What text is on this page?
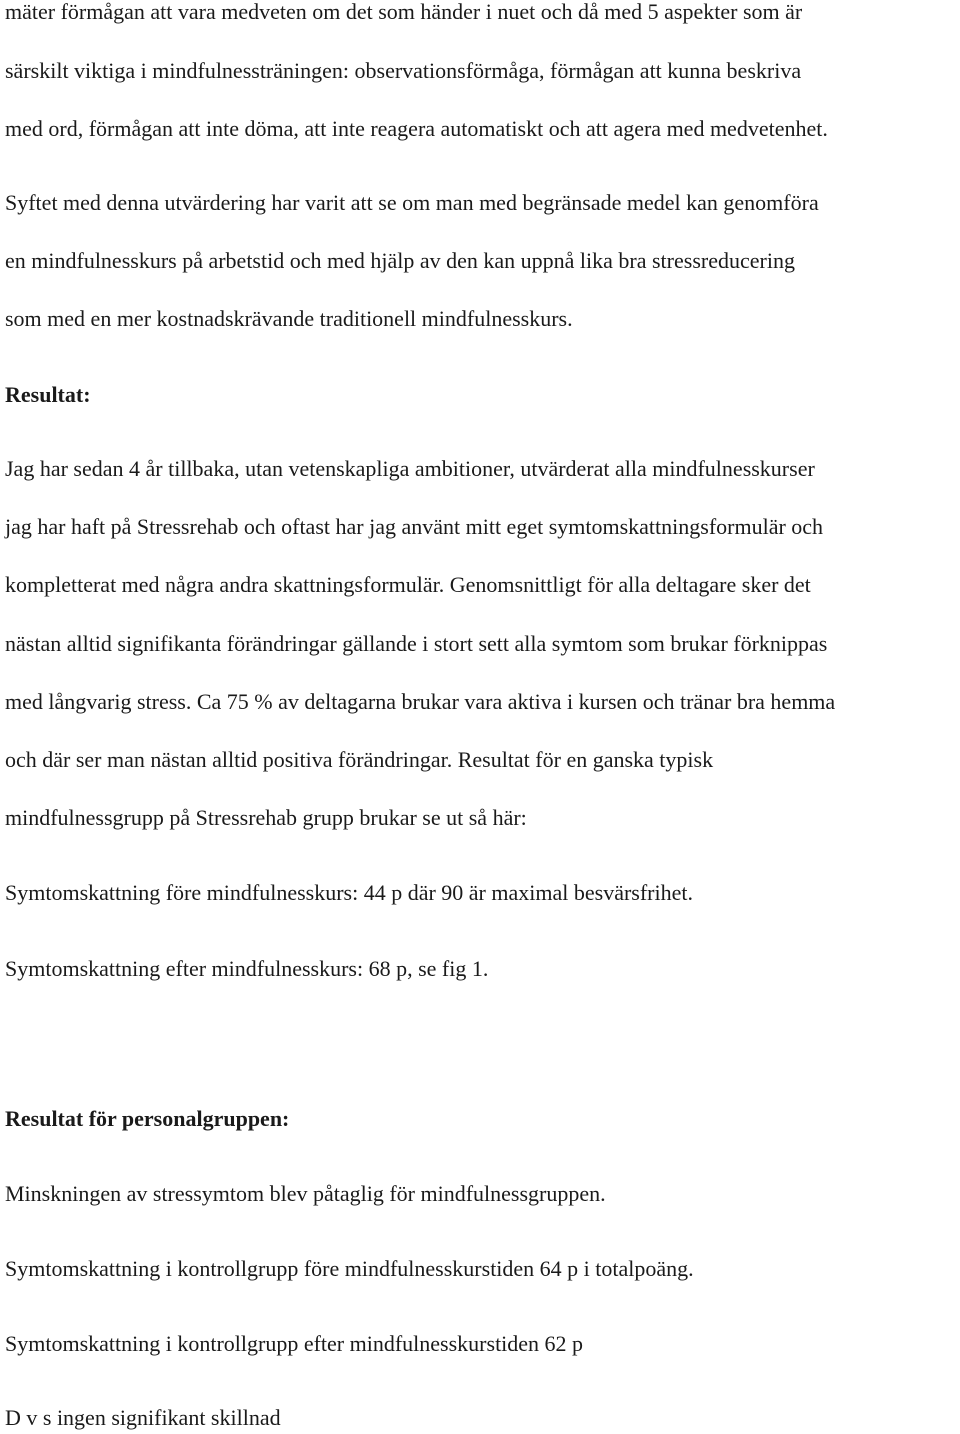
mäter förmågan att vara medveten om det som händer i nuet och då med 5 aspekter som är
särskilt viktiga i mindfulnessträningen: observationsförmåga, förmågan att kunna beskriva
med ord, förmågan att inte döma, att inte reagera automatiskt och att agera med medvetenhet.
Syftet med denna utvärdering har varit att se om man med begränsade medel kan genomföra
en mindfulnesskurs på arbetstid och med hjälp av den kan uppnå lika bra stressreducering
som med en mer kostnadskrävande traditionell mindfulnesskurs.
Resultat:
Jag har sedan 4 år tillbaka, utan vetenskapliga ambitioner, utvärderat alla mindfulnesskurser
jag har haft på Stressrehab och oftast har jag använt mitt eget symtomskattningsformulär och
kompletterat med några andra skattningsformulär. Genomsnittligt för alla deltagare sker det
nästan alltid signifikanta förändringar gällande i stort sett alla symtom som brukar förknippas
med långvarig stress. Ca 75 % av deltagarna brukar vara aktiva i kursen och tränar bra hemma
och där ser man nästan alltid positiva förändringar. Resultat för en ganska typisk
mindfulnessgrupp på Stressrehab grupp brukar se ut så här:
Symtomskattning före mindfulnesskurs: 44 p där 90 är maximal besvärsfrihet.
Symtomskattning efter mindfulnesskurs: 68 p, se fig 1.
Resultat för personalgruppen:
Minskningen av stressymtom blev påtaglig för mindfulnessgruppen.
Symtomskattning i kontrollgrupp före mindfulnesskurstiden 64 p i totalpoäng.
Symtomskattning i kontrollgrupp efter mindfulnesskurstiden 62 p
D v s ingen signifikant skillnad
